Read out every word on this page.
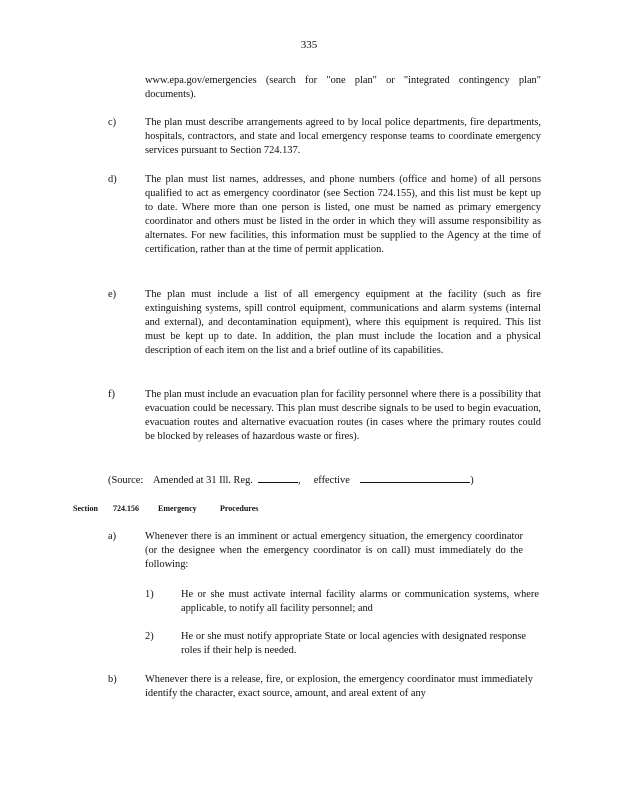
335
www.epa.gov/emergencies (search for "one plan" or "integrated contingency plan" documents).
c)	The plan must describe arrangements agreed to by local police departments, fire departments, hospitals, contractors, and state and local emergency response teams to coordinate emergency services pursuant to Section 724.137.
d)	The plan must list names, addresses, and phone numbers (office and home) of all persons qualified to act as emergency coordinator (see Section 724.155), and this list must be kept up to date. Where more than one person is listed, one must be named as primary emergency coordinator and others must be listed in the order in which they will assume responsibility as alternates. For new facilities, this information must be supplied to the Agency at the time of certification, rather than at the time of permit application.
e)	The plan must include a list of all emergency equipment at the facility (such as fire extinguishing systems, spill control equipment, communications and alarm systems (internal and external), and decontamination equipment), where this equipment is required. This list must be kept up to date. In addition, the plan must include the location and a physical description of each item on the list and a brief outline of its capabilities.
f)	The plan must include an evacuation plan for facility personnel where there is a possibility that evacuation could be necessary. This plan must describe signals to be used to begin evacuation, evacuation routes and alternative evacuation routes (in cases where the primary routes could be blocked by releases of hazardous waste or fires).
(Source: Amended at 31 Ill. Reg.	, effective	)
Section 724.156 Emergency	Procedures
a)	Whenever there is an imminent or actual emergency situation, the emergency coordinator (or the designee when the emergency coordinator is on call) must immediately do the following:
1)	He or she must activate internal facility alarms or communication systems, where applicable, to notify all facility personnel; and
2)	He or she must notify appropriate State or local agencies with designated response roles if their help is needed.
b)	Whenever there is a release, fire, or explosion, the emergency coordinator must immediately identify the character, exact source, amount, and areal extent of any
